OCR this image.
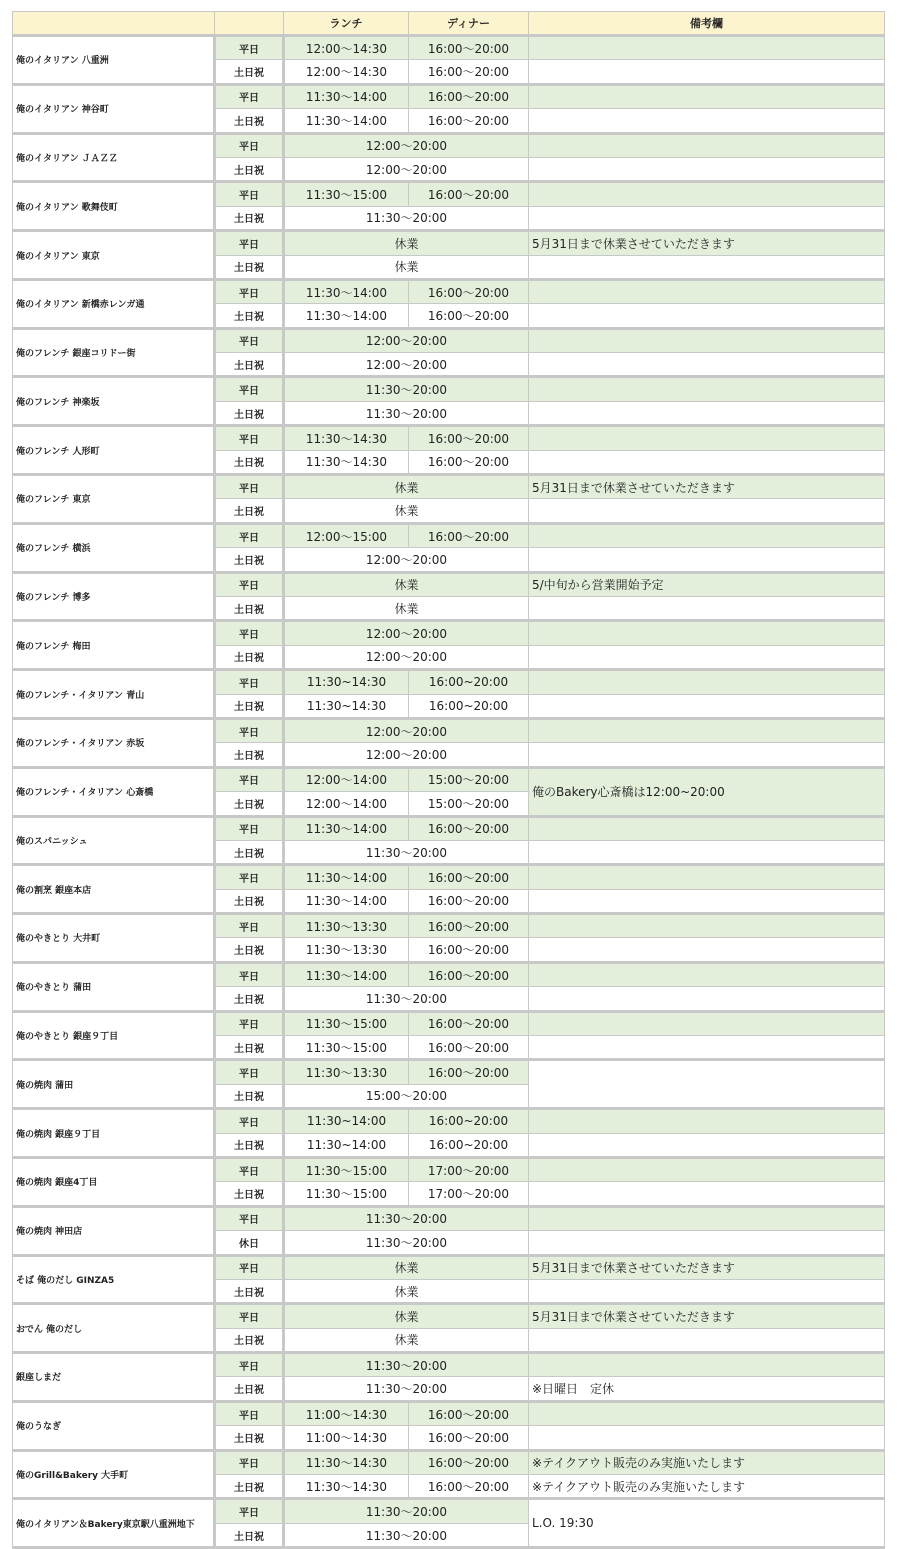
		ランチ	ディナー	備考欄
俺のイタリアン 八重洲	平日	12:00〜14:30	16:00〜20:00	
	土日祝	12:00〜14:30	16:00〜20:00	
俺のイタリアン 神谷町	平日	11:30〜14:00	16:00〜20:00	
	土日祝	11:30〜14:00	16:00〜20:00	
俺のイタリアン ＪＡＺＺ	平日	12:00〜20:00		
	土日祝	12:00〜20:00		
俺のイタリアン 歌舞伎町	平日	11:30〜15:00	16:00〜20:00	
	土日祝	11:30〜20:00		
俺のイタリアン 東京	平日	休業		5月31日まで休業させていただきます
	土日祝	休業		
俺のイタリアン 新橋赤レンガ通	平日	11:30〜14:00	16:00〜20:00	
	土日祝	11:30〜14:00	16:00〜20:00	
俺のフレンチ 銀座コリドー街	平日	12:00〜20:00		
	土日祝	12:00〜20:00		
俺のフレンチ 神楽坂	平日	11:30〜20:00		
	土日祝	11:30〜20:00		
俺のフレンチ 人形町	平日	11:30〜14:30	16:00〜20:00	
	土日祝	11:30〜14:30	16:00〜20:00	
俺のフレンチ 東京	平日	休業		5月31日まで休業させていただきます
	土日祝	休業		
俺のフレンチ 横浜	平日	12:00〜15:00	16:00〜20:00	
	土日祝	12:00〜20:00		
俺のフレンチ 博多	平日	休業		5/中旬から営業開始予定
	土日祝	休業		
俺のフレンチ 梅田	平日	12:00〜20:00		
	土日祝	12:00〜20:00		
俺のフレンチ・イタリアン 青山	平日	11:30~14:30	16:00~20:00	
	土日祝	11:30~14:30	16:00~20:00	
俺のフレンチ・イタリアン 赤坂	平日	12:00〜20:00		
	土日祝	12:00〜20:00		
俺のフレンチ・イタリアン 心斎橋	平日	12:00〜14:00	15:00〜20:00	俺のBakery心斎橋は12:00~20:00
	土日祝	12:00〜14:00	15:00〜20:00	
俺のスパニッシュ	平日	11:30〜14:00	16:00〜20:00	
	土日祝	11:30〜20:00		
俺の割烹 銀座本店	平日	11:30〜14:00	16:00〜20:00	
	土日祝	11:30〜14:00	16:00〜20:00	
俺のやきとり 大井町	平日	11:30〜13:30	16:00〜20:00	
	土日祝	11:30〜13:30	16:00〜20:00	
俺のやきとり 蒲田	平日	11:30〜14:00	16:00〜20:00	
	土日祝	11:30〜20:00		
俺のやきとり 銀座９丁目	平日	11:30〜15:00	16:00〜20:00	
	土日祝	11:30〜15:00	16:00〜20:00	
俺の焼肉 蒲田	平日	11:30〜13:30	16:00〜20:00	
	土日祝	15:00〜20:00		
俺の焼肉 銀座９丁目	平日	11:30~14:00	16:00~20:00	
	土日祝	11:30~14:00	16:00~20:00	
俺の焼肉 銀座4丁目	平日	11:30〜15:00	17:00〜20:00	
	土日祝	11:30〜15:00	17:00〜20:00	
俺の焼肉 神田店	平日	11:30〜20:00		
	休日	11:30〜20:00		
そば 俺のだし GINZA5	平日	休業		5月31日まで休業させていただきます
	土日祝	休業		
おでん 俺のだし	平日	休業		5月31日まで休業させていただきます
	土日祝	休業		
銀座しまだ	平日	11:30〜20:00		
	土日祝	11:30〜20:00		※日曜日　定休
俺のうなぎ	平日	11:00〜14:30	16:00〜20:00	
	土日祝	11:00〜14:30	16:00〜20:00	
俺のGrill&Bakery 大手町	平日	11:30〜14:30	16:00〜20:00	※テイクアウト販売のみ実施いたします
	土日祝	11:30〜14:30	16:00〜20:00	※テイクアウト販売のみ実施いたします
俺のイタリアン＆Bakery東京駅八重洲地下	平日	11:30〜20:00		L.O. 19:30
	土日祝	11:30〜20:00		
